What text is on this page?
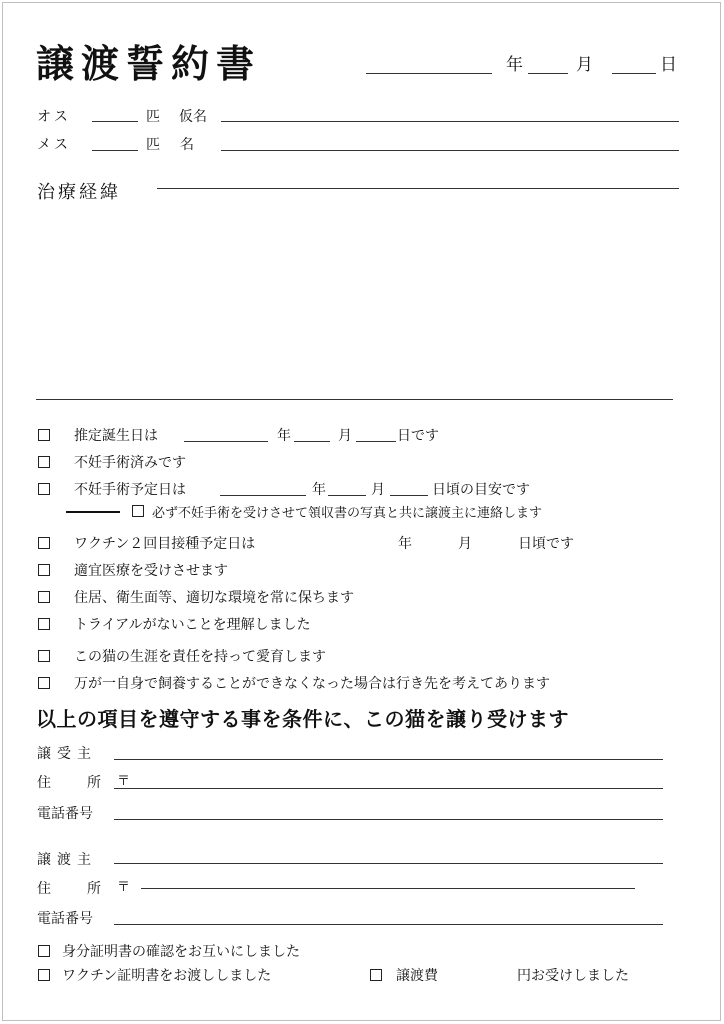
譲渡誓約書	年	月	日
オス	匹 仮名
メス	匹 名
治療経緯
推定誕生日は	年	月	日です
不妊手術済みです
不妊手術予定日は	年	月	日頃の目安です
必ず不妊手術を受けさせて領収書の写真と共に譲渡主に連絡します
ワクチン２回目接種予定日は	年	月	日頃です
適宜医療を受けさせます
住居、衛生面等、適切な環境を常に保ちます
トライアルがないことを理解しました
この猫の生涯を責任を持って愛育します
万が一自身で飼養することができなくなった場合は行き先を考えてあります
以上の項目を遵守する事を条件に、この猫を譲り受けます
譲受主
住	所 〒
電話番号
譲渡主
住	所 〒
電話番号
身分証明書の確認をお互いにしました
ワクチン証明書をお渡ししました	譲渡費	円お受けしました
